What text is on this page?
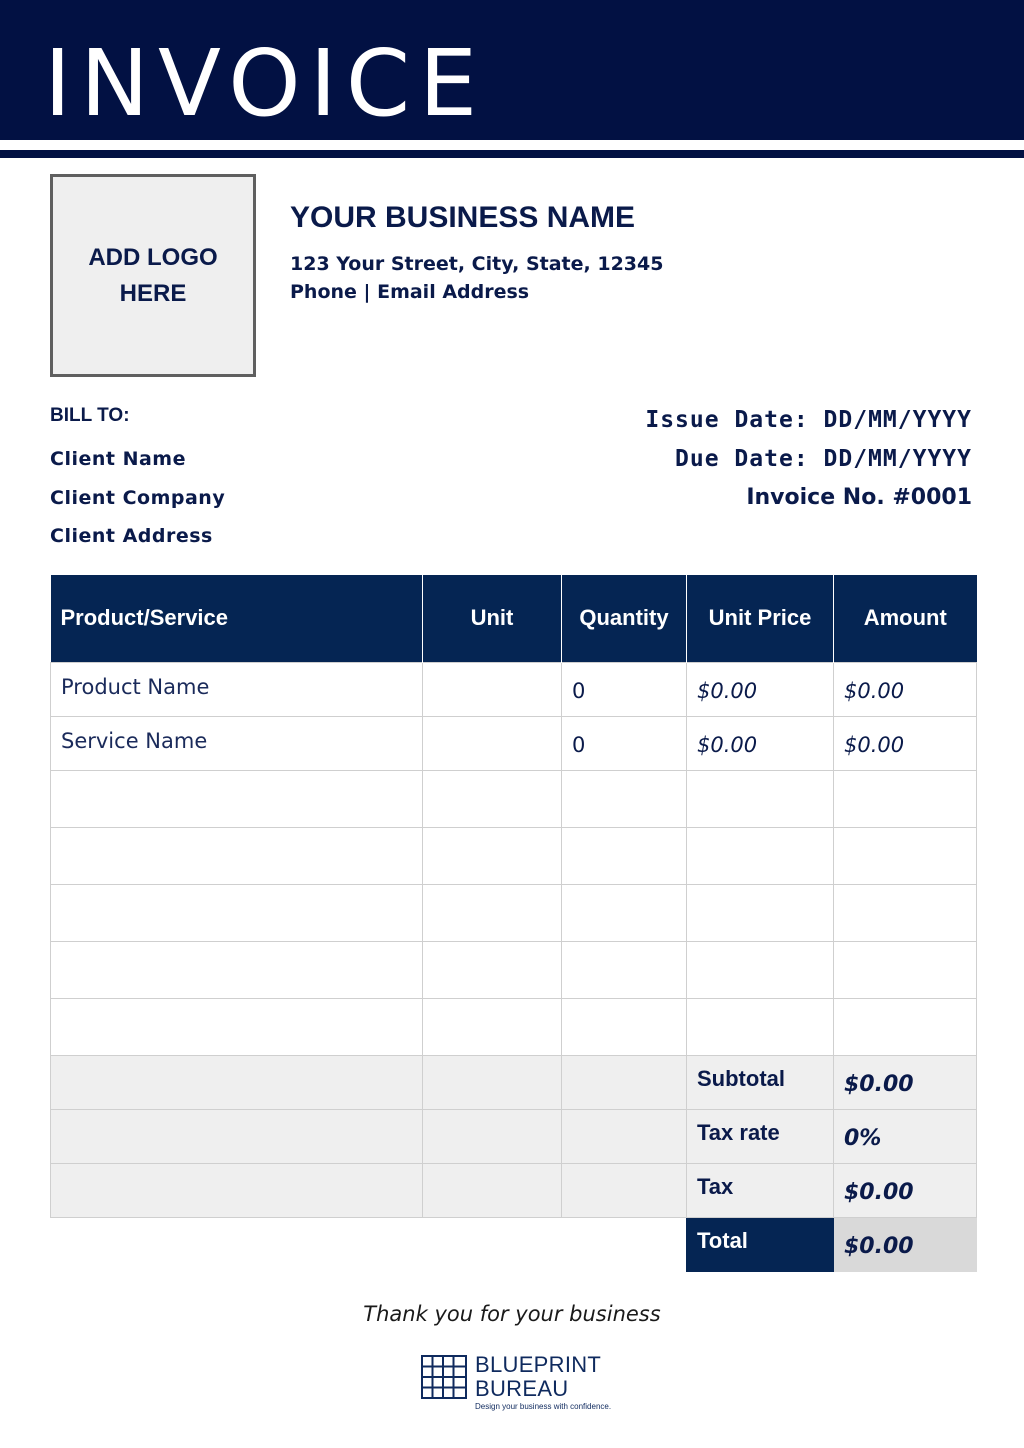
INVOICE
ADD LOGO
HERE
YOUR BUSINESS NAME
123 Your Street, City, State, 12345
Phone | Email Address
BILL TO:
Client Name
Client Company
Client Address
Issue Date: DD/MM/YYYY
Due Date: DD/MM/YYYY
Invoice No. #0001
Product/Service	Unit	Quantity	Unit Price	Amount
Product Name		0	$0.00	$0.00
Service Name		0	$0.00	$0.00

			Subtotal	$0.00
			Tax rate	0%
			Tax	$0.00
			Total	$0.00
Thank you for your business
BLUEPRINT
BUREAU
Design your business with confidence.
